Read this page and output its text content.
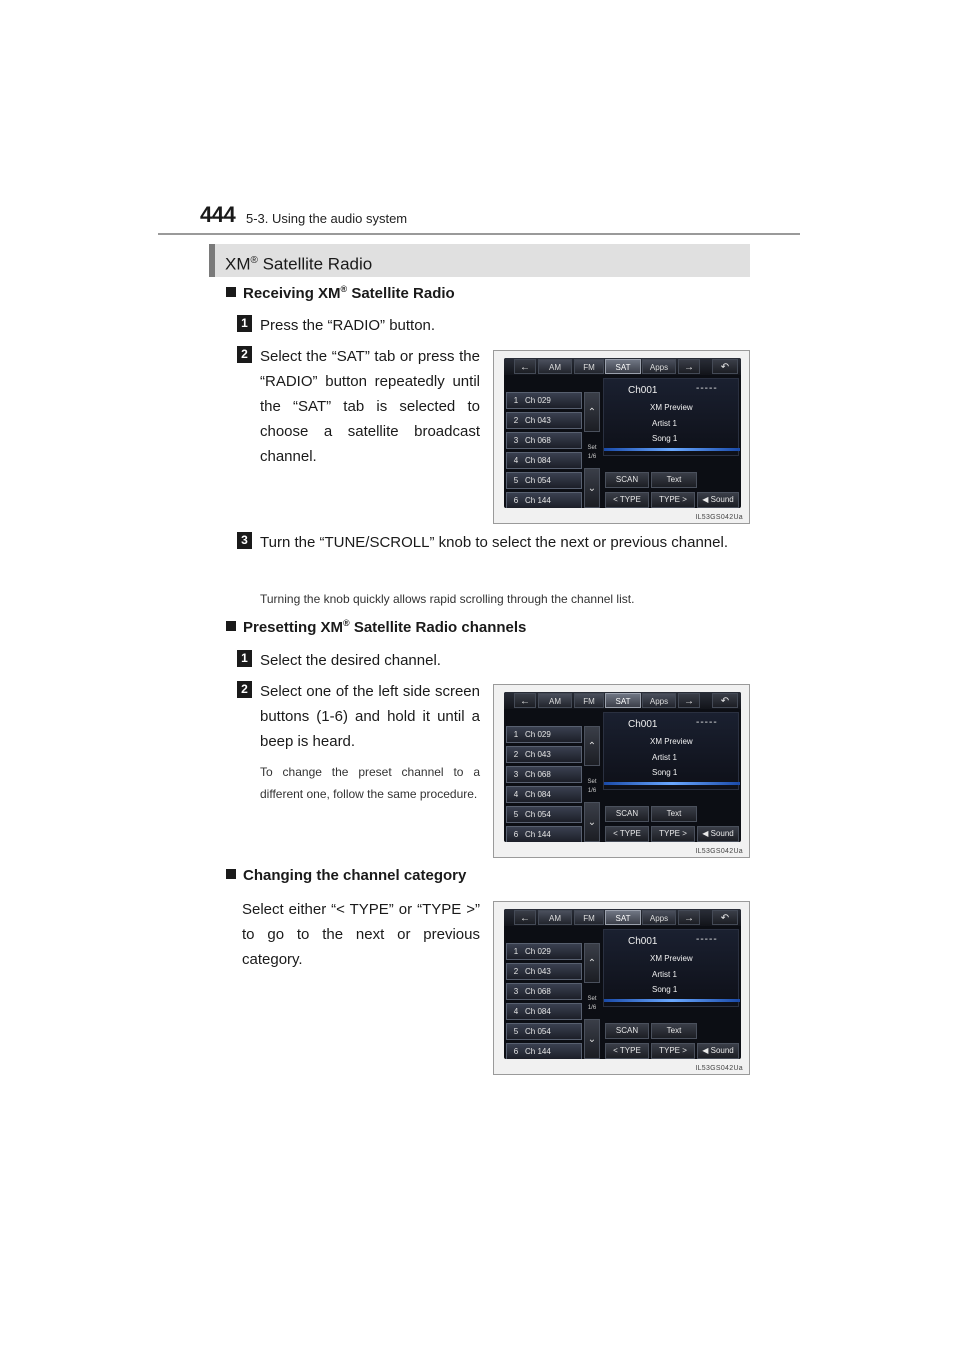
444 5-3. Using the audio system
XM® Satellite Radio
Receiving XM® Satellite Radio
1 Press the “RADIO” button.
2 Select the “SAT” tab or press the “RADIO” button repeatedly until the “SAT” tab is selected to choose a satellite broadcast channel.
3 Turn the “TUNE/SCROLL” knob to select the next or previous channel.
Turning the knob quickly allows rapid scrolling through the channel list.
Presetting XM® Satellite Radio channels
1 Select the desired channel.
2 Select one of the left side screen buttons (1-6) and hold it until a beep is heard.
To change the preset channel to a different one, follow the same procedure.
Changing the channel category
Select either “< TYPE” or “TYPE >” to go to the next or previous category.
←	AM	FM	SAT	Apps	→	↶
1 Ch 029
2 Ch 043
3 Ch 068
4 Ch 084
5 Ch 054
6 Ch 144
⌃
Set
1/6
⌄
Ch001	-----
XM Preview
Artist 1
Song 1
SCAN	Text
< TYPE	TYPE >	◀ Sound
IL53GS042Ua
←	AM	FM	SAT	Apps	→	↶
1 Ch 029
2 Ch 043
3 Ch 068
4 Ch 084
5 Ch 054
6 Ch 144
⌃
Set
1/6
⌄
Ch001	-----
XM Preview
Artist 1
Song 1
SCAN	Text
< TYPE	TYPE >	◀ Sound
IL53GS042Ua
←	AM	FM	SAT	Apps	→	↶
1 Ch 029
2 Ch 043
3 Ch 068
4 Ch 084
5 Ch 054
6 Ch 144
⌃
Set
1/6
⌄
Ch001	-----
XM Preview
Artist 1
Song 1
SCAN	Text
< TYPE	TYPE >	◀ Sound
IL53GS042Ua
